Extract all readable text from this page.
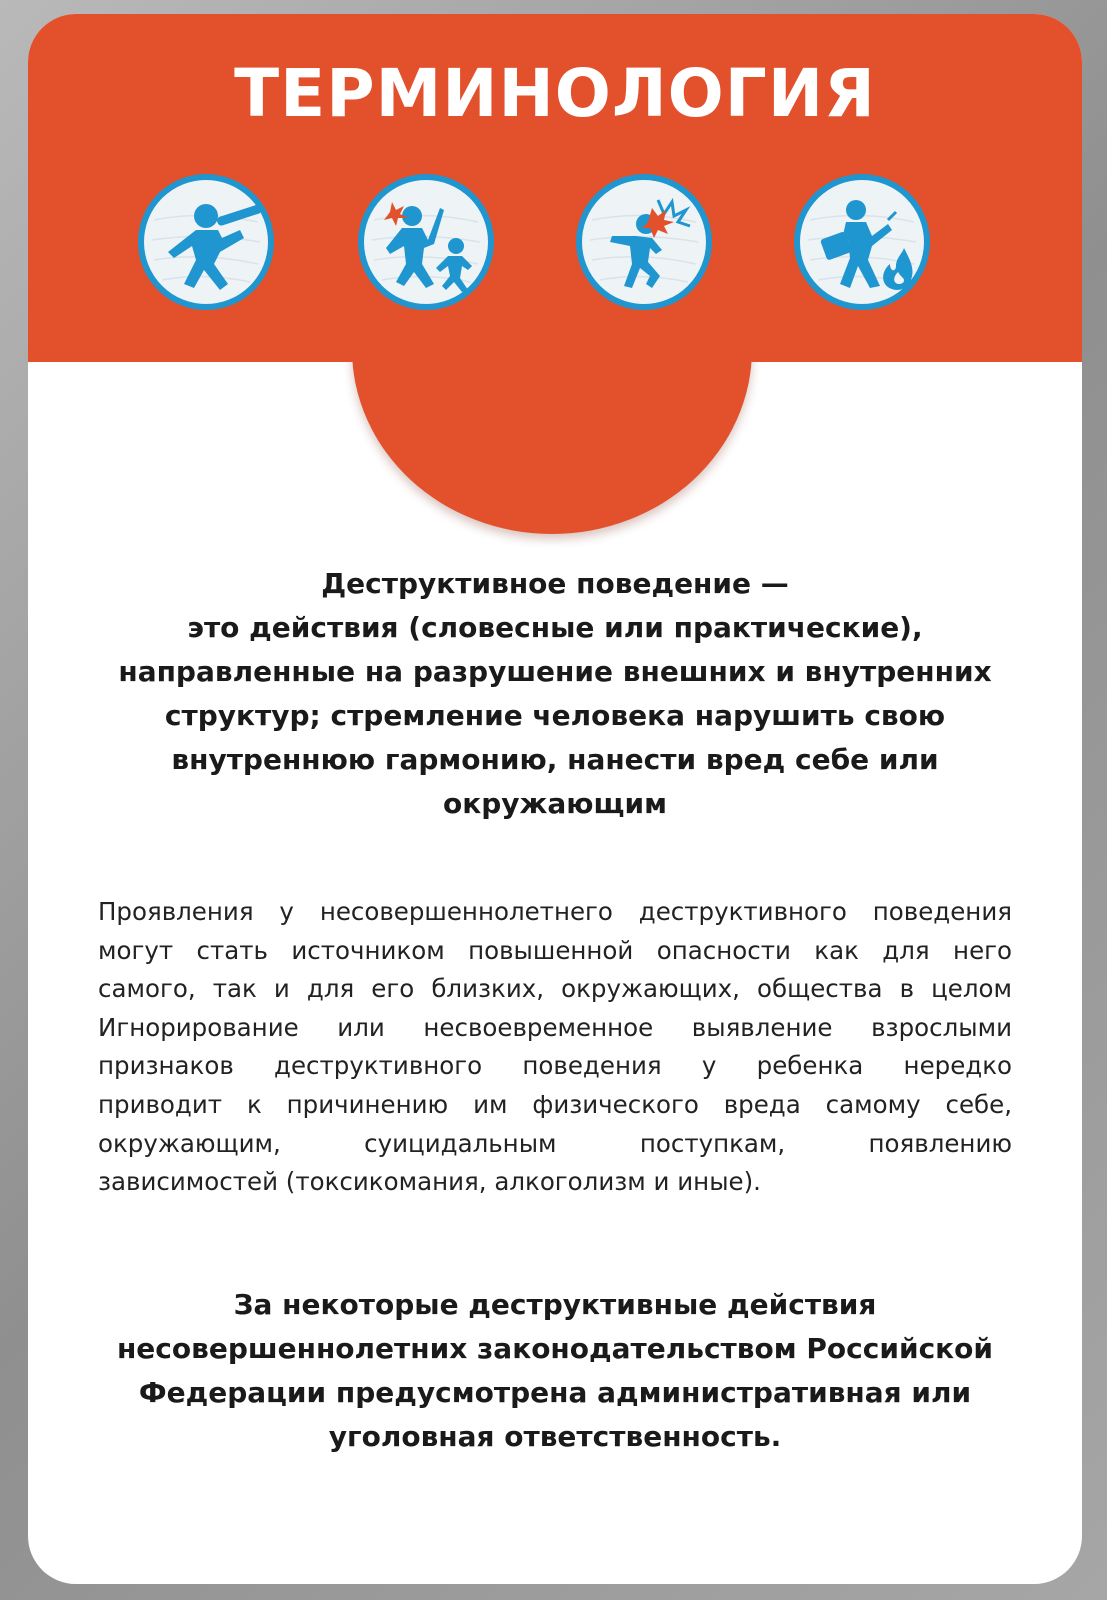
ТЕРМИНОЛОГИЯ
Деструктивное поведение —
это действия (словесные или практические),
направленные на разрушение внешних и внутренних
структур; стремление человека нарушить свою
внутреннюю гармонию, нанести вред себе или
окружающим
Проявления у несовершеннолетнего деструктивного поведения
могут стать источником повышенной опасности как для него
самого, так и для его близких, окружающих, общества в целом
Игнорирование или несвоевременное выявление взрослыми
признаков деструктивного поведения у ребенка нередко
приводит к причинению им физического вреда самому себе,
окружающим, суицидальным поступкам, появлению
зависимостей (токсикомания, алкоголизм и иные).
За некоторые деструктивные действия
несовершеннолетних законодательством Российской
Федерации предусмотрена административная или
уголовная ответственность.
